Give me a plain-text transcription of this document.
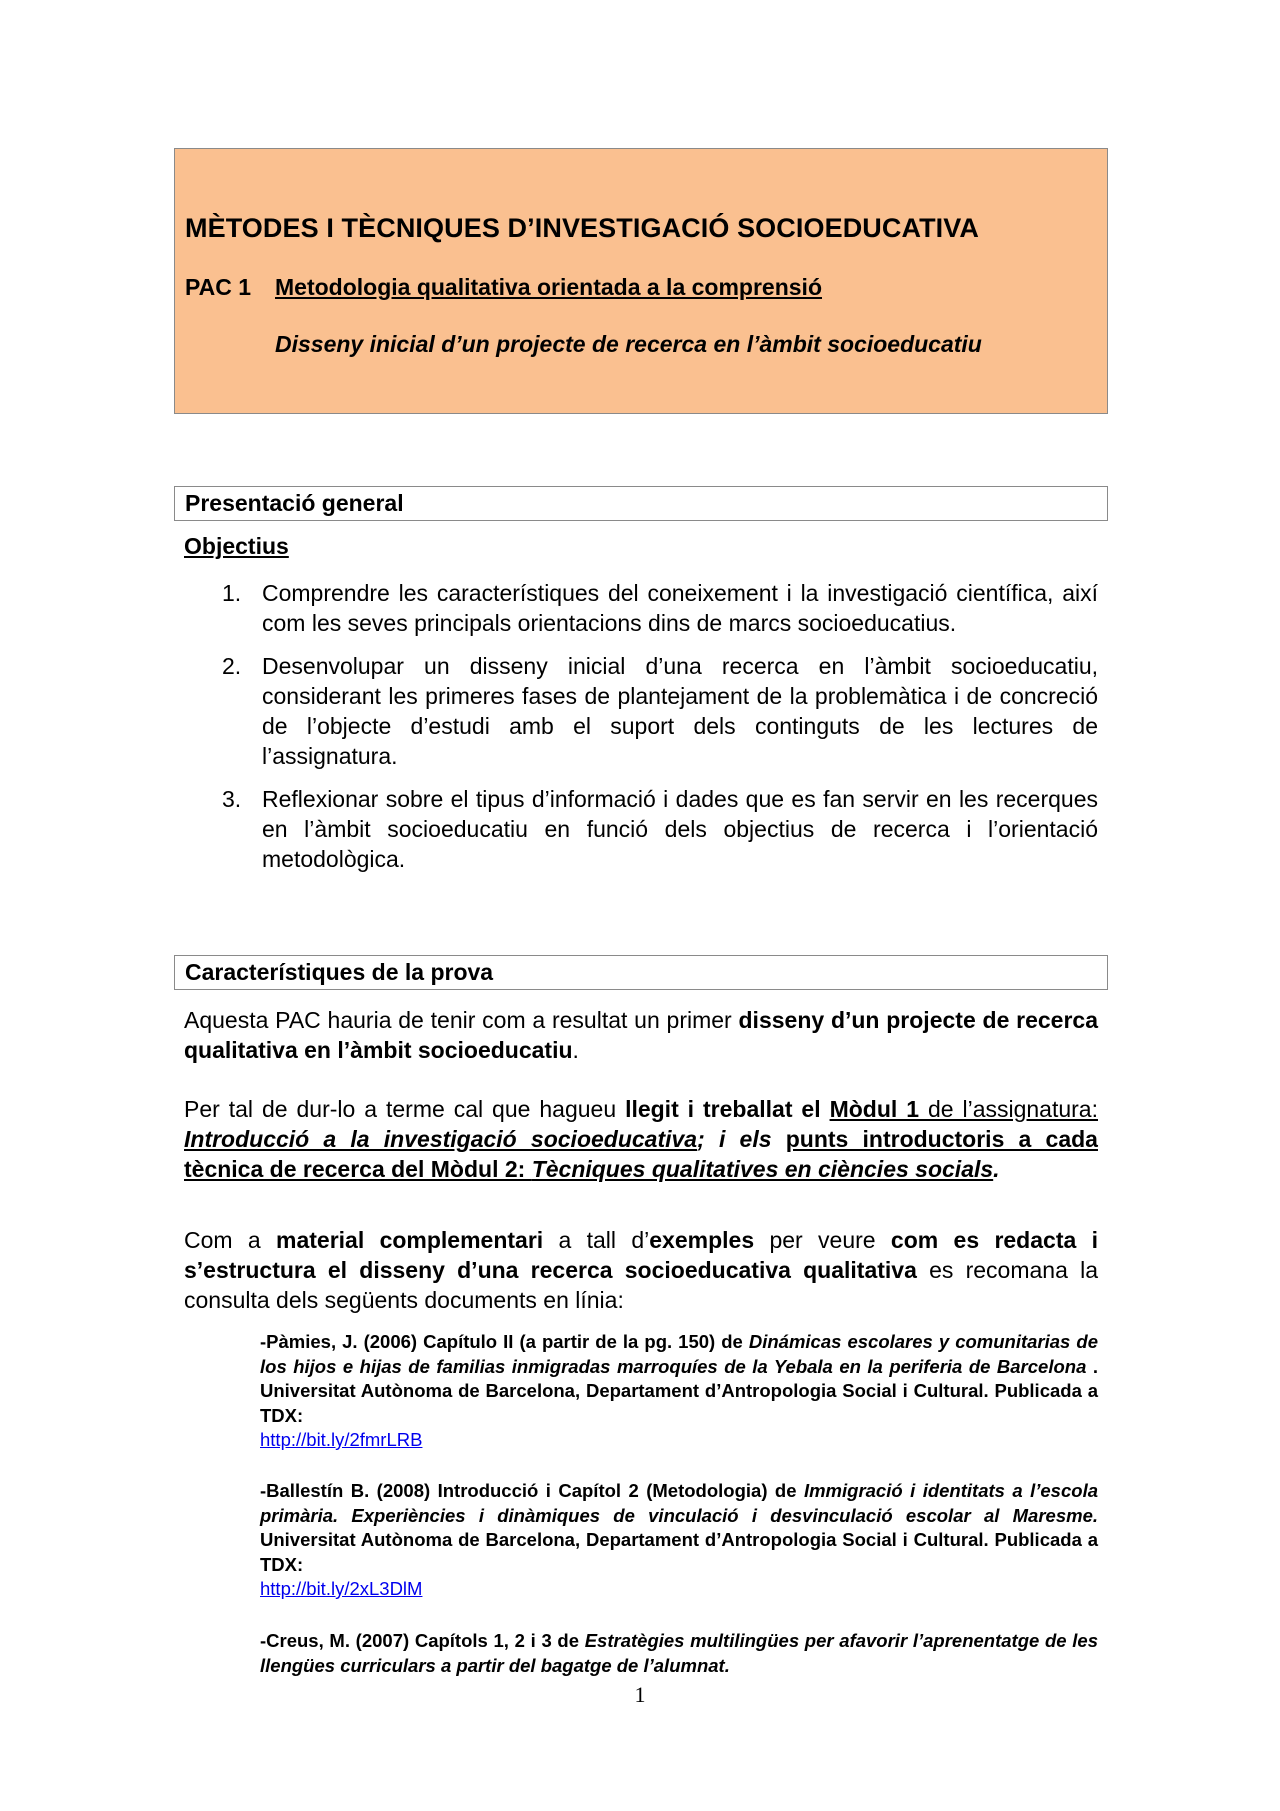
MÈTODES I TÈCNIQUES D’INVESTIGACIÓ SOCIOEDUCATIVA
PAC 1 Metodologia qualitativa orientada a la comprensió
Disseny inicial d’un projecte de recerca en l’àmbit socioeducatiu
Presentació general
Objectius
1. Comprendre les característiques del coneixement i la investigació científica, així com les seves principals orientacions dins de marcs socioeducatius.
2. Desenvolupar un disseny inicial d’una recerca en l’àmbit socioeducatiu, considerant les primeres fases de plantejament de la problemàtica i de concreció de l’objecte d’estudi amb el suport dels continguts de les lectures de l’assignatura.
3. Reflexionar sobre el tipus d’informació i dades que es fan servir en les recerques en l’àmbit socioeducatiu en funció dels objectius de recerca i l’orientació metodològica.
Característiques de la prova
Aquesta PAC hauria de tenir com a resultat un primer disseny d’un projecte de recerca qualitativa en l’àmbit socioeducatiu.
Per tal de dur-lo a terme cal que hagueu llegit i treballat el Mòdul 1 de l’assignatura: Introducció a la investigació socioeducativa; i els punts introductoris a cada tècnica de recerca del Mòdul 2: Tècniques qualitatives en ciències socials.
Com a material complementari a tall d’exemples per veure com es redacta i s’estructura el disseny d’una recerca socioeducativa qualitativa es recomana la consulta dels següents documents en línia:
-Pàmies, J. (2006) Capítulo II (a partir de la pg. 150) de Dinámicas escolares y comunitarias de los hijos e hijas de familias inmigradas marroquíes de la Yebala en la periferia de Barcelona . Universitat Autònoma de Barcelona, Departament d’Antropologia Social i Cultural. Publicada a TDX:
http://bit.ly/2fmrLRB
-Ballestín B. (2008) Introducció i Capítol 2 (Metodologia) de Immigració i identitats a l’escola primària. Experiències i dinàmiques de vinculació i desvinculació escolar al Maresme. Universitat Autònoma de Barcelona, Departament d’Antropologia Social i Cultural. Publicada a TDX:
http://bit.ly/2xL3DlM
-Creus, M. (2007) Capítols 1, 2 i 3 de Estratègies multilingües per afavorir l’aprenentatge de les llengües curriculars a partir del bagatge de l’alumnat.
1
